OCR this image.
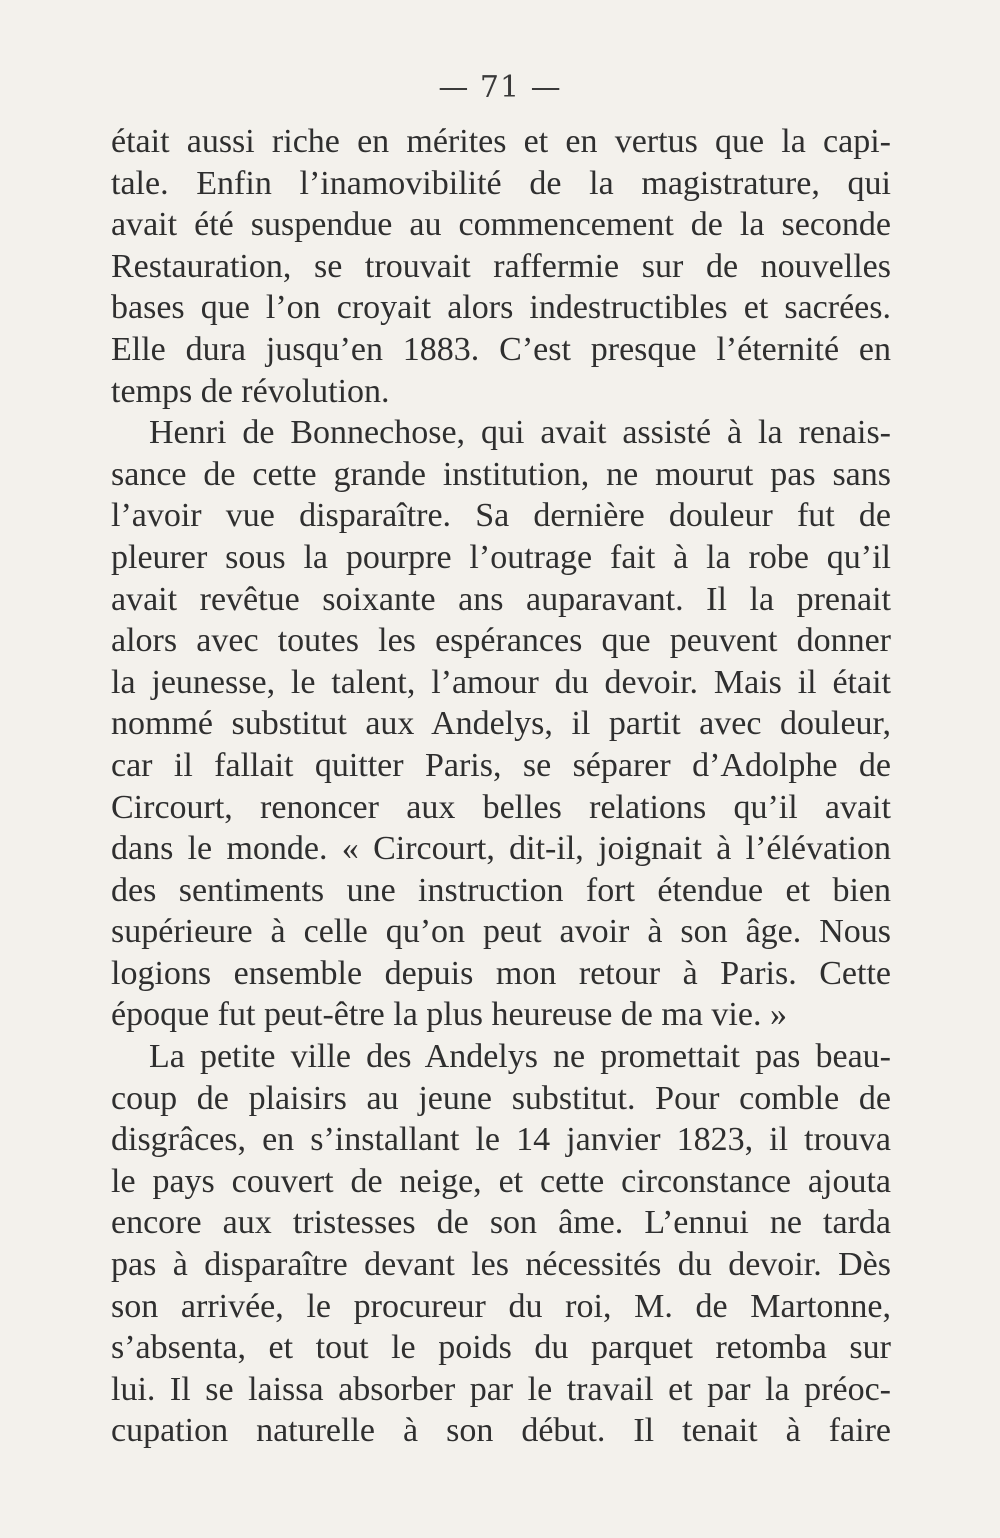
— 71 —
était aussi riche en mérites et en vertus que la capi-
tale. Enfin l’inamovibilité de la magistrature, qui
avait été suspendue au commencement de la seconde
Restauration, se trouvait raffermie sur de nouvelles
bases que l’on croyait alors indestructibles et sacrées.
Elle dura jusqu’en 1883. C’est presque l’éternité en
temps de révolution.
Henri de Bonnechose, qui avait assisté à la renais-
sance de cette grande institution, ne mourut pas sans
l’avoir vue disparaître. Sa dernière douleur fut de
pleurer sous la pourpre l’outrage fait à la robe qu’il
avait revêtue soixante ans auparavant. Il la prenait
alors avec toutes les espérances que peuvent donner
la jeunesse, le talent, l’amour du devoir. Mais il était
nommé substitut aux Andelys, il partit avec douleur,
car il fallait quitter Paris, se séparer d’Adolphe de
Circourt, renoncer aux belles relations qu’il avait
dans le monde. « Circourt, dit-il, joignait à l’élévation
des sentiments une instruction fort étendue et bien
supérieure à celle qu’on peut avoir à son âge. Nous
logions ensemble depuis mon retour à Paris. Cette
époque fut peut-être la plus heureuse de ma vie. »
La petite ville des Andelys ne promettait pas beau-
coup de plaisirs au jeune substitut. Pour comble de
disgrâces, en s’installant le 14 janvier 1823, il trouva
le pays couvert de neige, et cette circonstance ajouta
encore aux tristesses de son âme. L’ennui ne tarda
pas à disparaître devant les nécessités du devoir. Dès
son arrivée, le procureur du roi, M. de Martonne,
s’absenta, et tout le poids du parquet retomba sur
lui. Il se laissa absorber par le travail et par la préoc-
cupation naturelle à son début. Il tenait à faire
